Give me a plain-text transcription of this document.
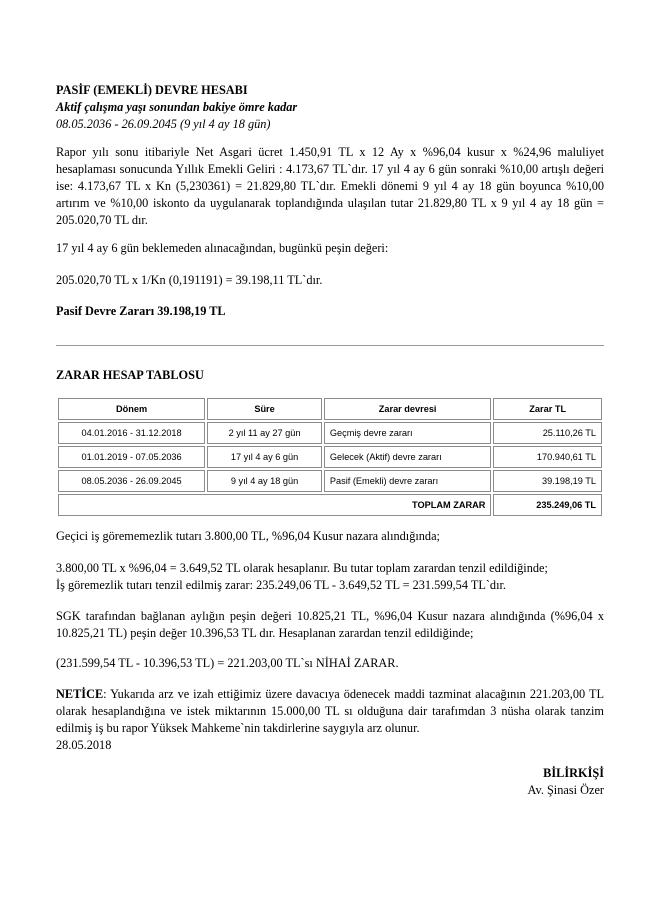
PASİF (EMEKLİ) DEVRE HESABI
Aktif çalışma yaşı sonundan bakiye ömre kadar
08.05.2036 - 26.09.2045 (9 yıl 4 ay 18 gün)

Rapor yılı sonu itibariyle Net Asgari ücret 1.450,91 TL x 12 Ay x %96,04 kusur x %24,96 maluliyet hesaplaması sonucunda Yıllık Emekli Geliri : 4.173,67 TL`dır. 17 yıl 4 ay 6 gün sonraki %10,00 artışlı değeri ise: 4.173,67 TL x Kn (5,230361) = 21.829,80 TL`dır. Emekli dönemi 9 yıl 4 ay 18 gün boyunca %10,00 artırım ve %10,00 iskonto da uygulanarak toplandığında ulaşılan tutar 21.829,80 TL x 9 yıl 4 ay 18 gün = 205.020,70 TL dır.

17 yıl 4 ay 6 gün beklemeden alınacağından, bugünkü peşin değeri:

205.020,70 TL x 1/Kn (0,191191) = 39.198,11 TL`dır.

Pasif Devre Zararı 39.198,19 TL

ZARAR HESAP TABLOSU

Dönem	Süre	Zarar devresi	Zarar TL
04.01.2016 - 31.12.2018	2 yıl 11 ay 27 gün	Geçmiş devre zararı	25.110,26 TL
01.01.2019 - 07.05.2036	17 yıl 4 ay 6 gün	Gelecek (Aktif) devre zararı	170.940,61 TL
08.05.2036 - 26.09.2045	9 yıl 4 ay 18 gün	Pasif (Emekli) devre zararı	39.198,19 TL
TOPLAM ZARAR			235.249,06 TL

Geçici iş görememezlik tutarı 3.800,00 TL, %96,04 Kusur nazara alındığında;

3.800,00 TL x %96,04 = 3.649,52 TL olarak hesaplanır. Bu tutar toplam zarardan tenzil edildiğinde;

İş göremezlik tutarı tenzil edilmiş zarar: 235.249,06 TL - 3.649,52 TL = 231.599,54 TL`dır.

SGK tarafından bağlanan aylığın peşin değeri 10.825,21 TL, %96,04 Kusur nazara alındığında (%96,04 x 10.825,21 TL) peşin değer 10.396,53 TL dır. Hesaplanan zarardan tenzil edildiğinde;

(231.599,54 TL - 10.396,53 TL) = 221.203,00 TL`sı NİHAİ ZARAR.

NETİCE: Yukarıda arz ve izah ettiğimiz üzere davacıya ödenecek maddi tazminat alacağının 221.203,00 TL olarak hesaplandığına ve istek miktarının 15.000,00 TL sı olduğuna dair tarafımdan 3 nüsha olarak tanzim edilmiş iş bu rapor Yüksek Mahkeme`nin takdirlerine saygıyla arz olunur.

28.05.2018

BİLİRKİŞİ

Av. Şinasi Özer
